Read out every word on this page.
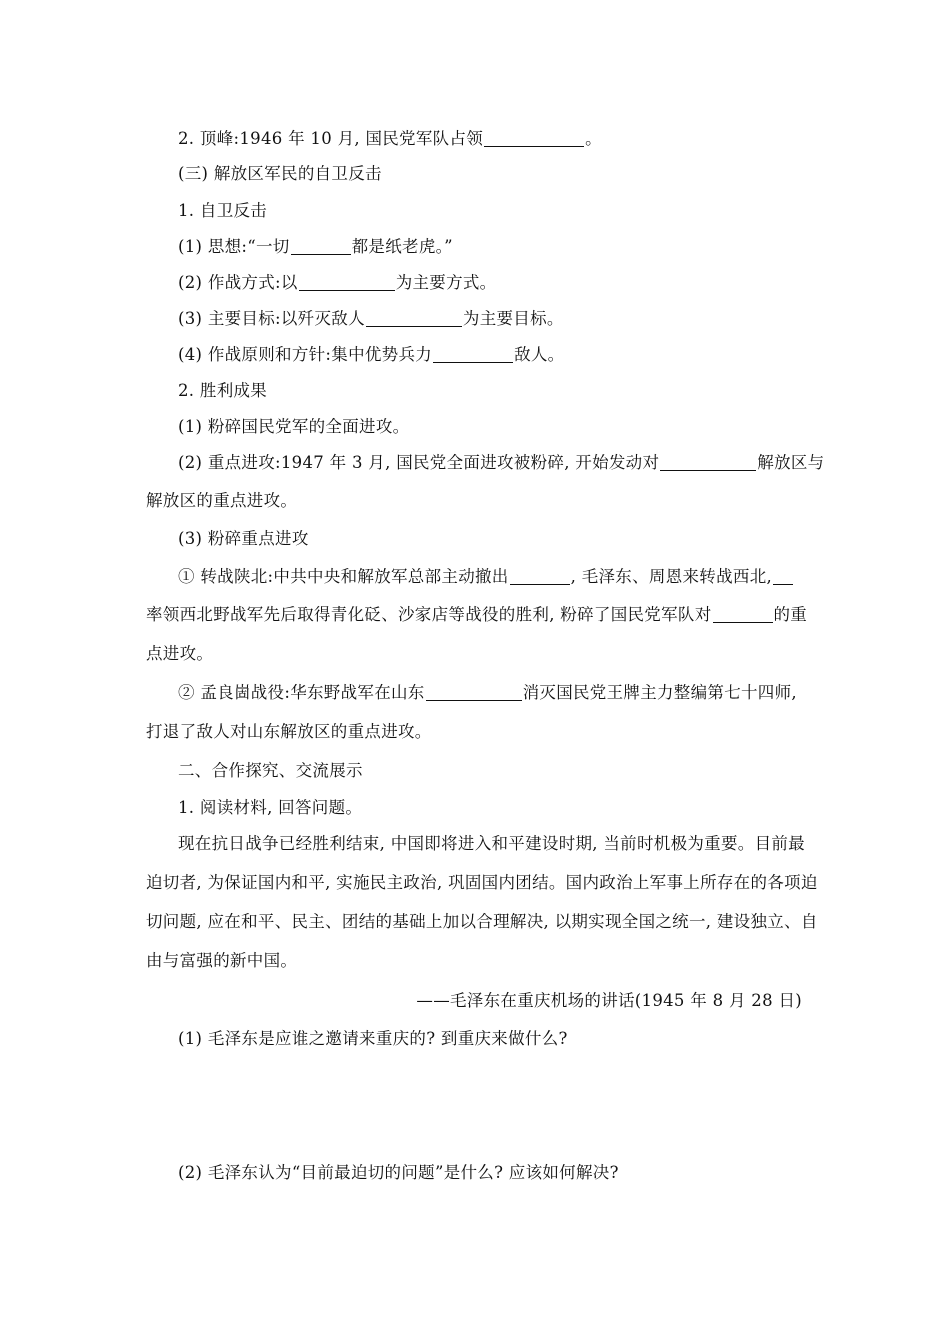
2. 顶峰:1946 年 10 月, 国民党军队占领	。
(三) 解放区军民的自卫反击
1. 自卫反击
(1) 思想:“一切	都是纸老虎。”
(2) 作战方式:以	为主要方式。
(3) 主要目标:以歼灭敌人	为主要目标。
(4) 作战原则和方针:集中优势兵力	敌人。
2. 胜利成果
(1) 粉碎国民党军的全面进攻。
(2) 重点进攻:1947 年 3 月, 国民党全面进攻被粉碎, 开始发动对	解放区与
解放区的重点进攻。
(3) 粉碎重点进攻
① 转战陕北:中共中央和解放军总部主动撤出	, 毛泽东、周恩来转战西北,
率领西北野战军先后取得青化砭、沙家店等战役的胜利, 粉碎了国民党军队对	的重
点进攻。
② 孟良崮战役:华东野战军在山东	消灭国民党王牌主力整编第七十四师,
打退了敌人对山东解放区的重点进攻。
二、合作探究、交流展示
1. 阅读材料, 回答问题。
现在抗日战争已经胜利结束, 中国即将进入和平建设时期, 当前时机极为重要。目前最
迫切者, 为保证国内和平, 实施民主政治, 巩固国内团结。国内政治上军事上所存在的各项迫
切问题, 应在和平、民主、团结的基础上加以合理解决, 以期实现全国之统一, 建设独立、自
由与富强的新中国。
——毛泽东在重庆机场的讲话(1945 年 8 月 28 日)
(1) 毛泽东是应谁之邀请来重庆的? 到重庆来做什么?
(2) 毛泽东认为“目前最迫切的问题”是什么? 应该如何解决?
